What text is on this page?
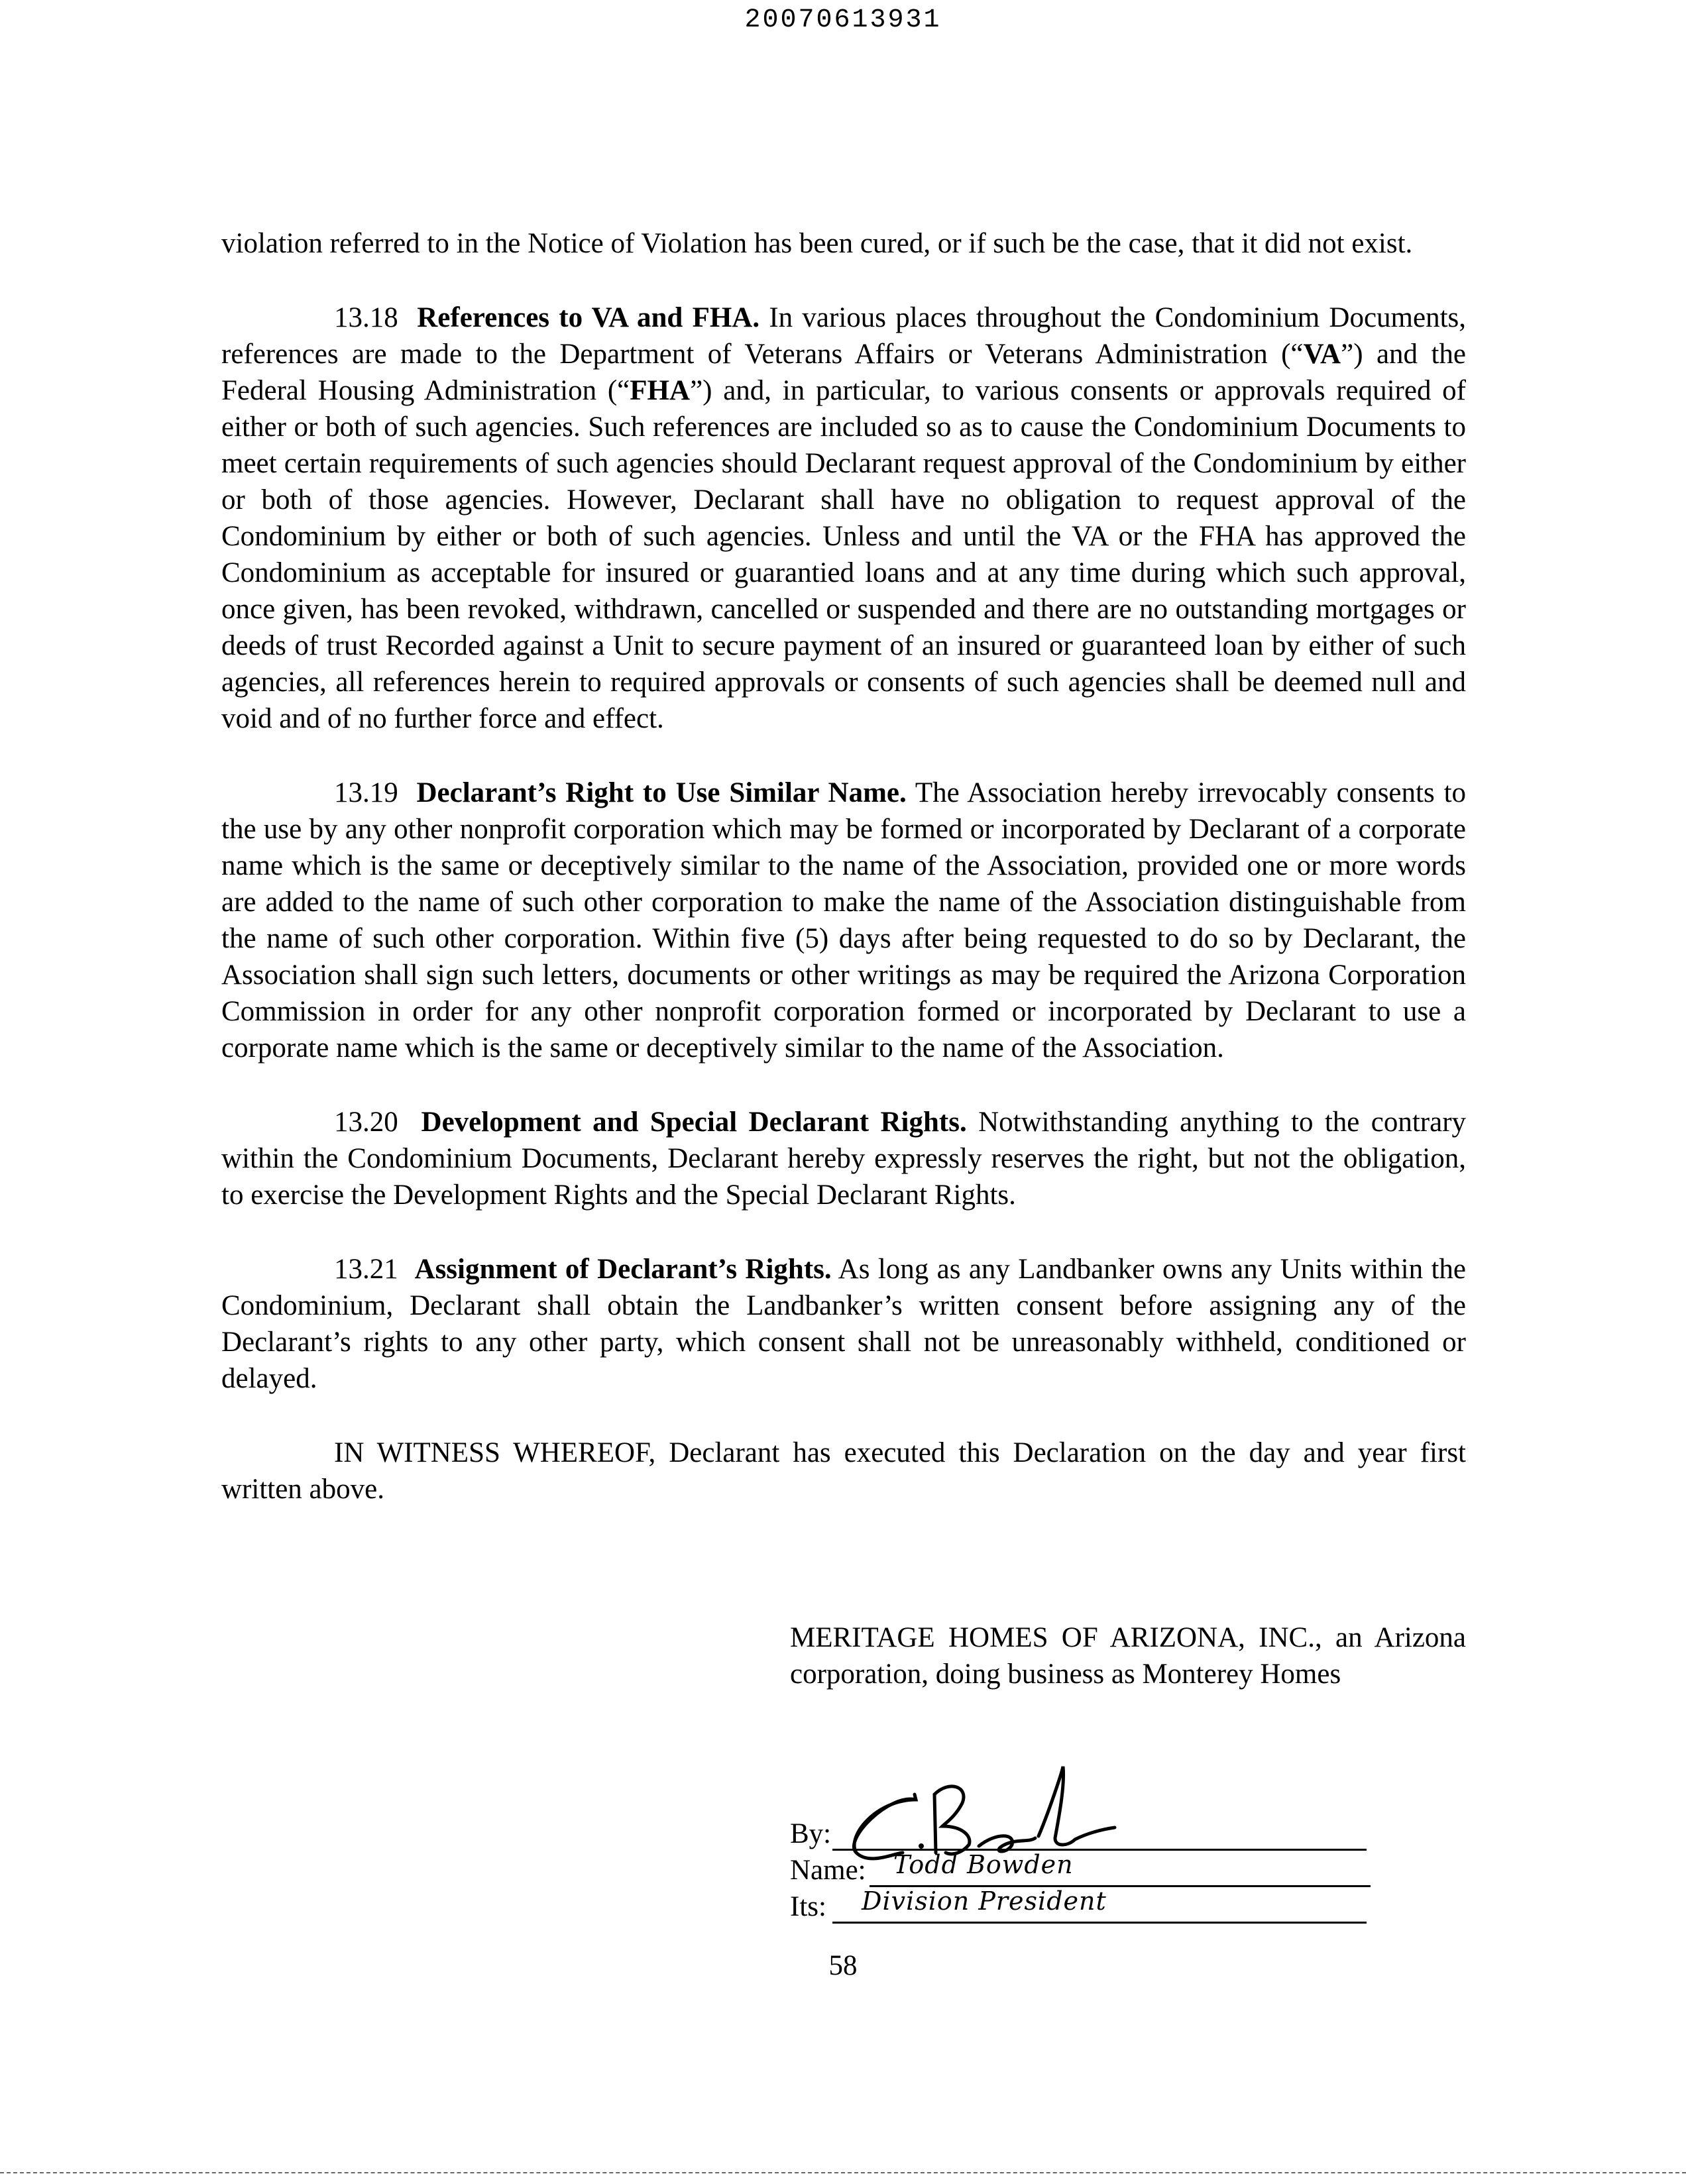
20070613931

violation referred to in the Notice of Violation has been cured, or if such be the case, that it did not exist.

13.18 References to VA and FHA. In various places throughout the Condominium Documents, references are made to the Department of Veterans Affairs or Veterans Administration (“VA”) and the Federal Housing Administration (“FHA”) and, in particular, to various consents or approvals required of either or both of such agencies. Such references are included so as to cause the Condominium Documents to meet certain requirements of such agencies should Declarant request approval of the Condominium by either or both of those agencies. However, Declarant shall have no obligation to request approval of the Condominium by either or both of such agencies. Unless and until the VA or the FHA has approved the Condominium as acceptable for insured or guarantied loans and at any time during which such approval, once given, has been revoked, withdrawn, cancelled or suspended and there are no outstanding mortgages or deeds of trust Recorded against a Unit to secure payment of an insured or guaranteed loan by either of such agencies, all references herein to required approvals or consents of such agencies shall be deemed null and void and of no further force and effect.

13.19 Declarant’s Right to Use Similar Name. The Association hereby irrevocably consents to the use by any other nonprofit corporation which may be formed or incorporated by Declarant of a corporate name which is the same or deceptively similar to the name of the Association, provided one or more words are added to the name of such other corporation to make the name of the Association distinguishable from the name of such other corporation. Within five (5) days after being requested to do so by Declarant, the Association shall sign such letters, documents or other writings as may be required the Arizona Corporation Commission in order for any other nonprofit corporation formed or incorporated by Declarant to use a corporate name which is the same or deceptively similar to the name of the Association.

13.20 Development and Special Declarant Rights. Notwithstanding anything to the contrary within the Condominium Documents, Declarant hereby expressly reserves the right, but not the obligation, to exercise the Development Rights and the Special Declarant Rights.

13.21 Assignment of Declarant’s Rights. As long as any Landbanker owns any Units within the Condominium, Declarant shall obtain the Landbanker’s written consent before assigning any of the Declarant’s rights to any other party, which consent shall not be unreasonably withheld, conditioned or delayed.

IN WITNESS WHEREOF, Declarant has executed this Declaration on the day and year first written above.

MERITAGE HOMES OF ARIZONA, INC., an Arizona corporation, doing business as Monterey Homes

By:
Name: Todd Bowden
Its: Division President
58
